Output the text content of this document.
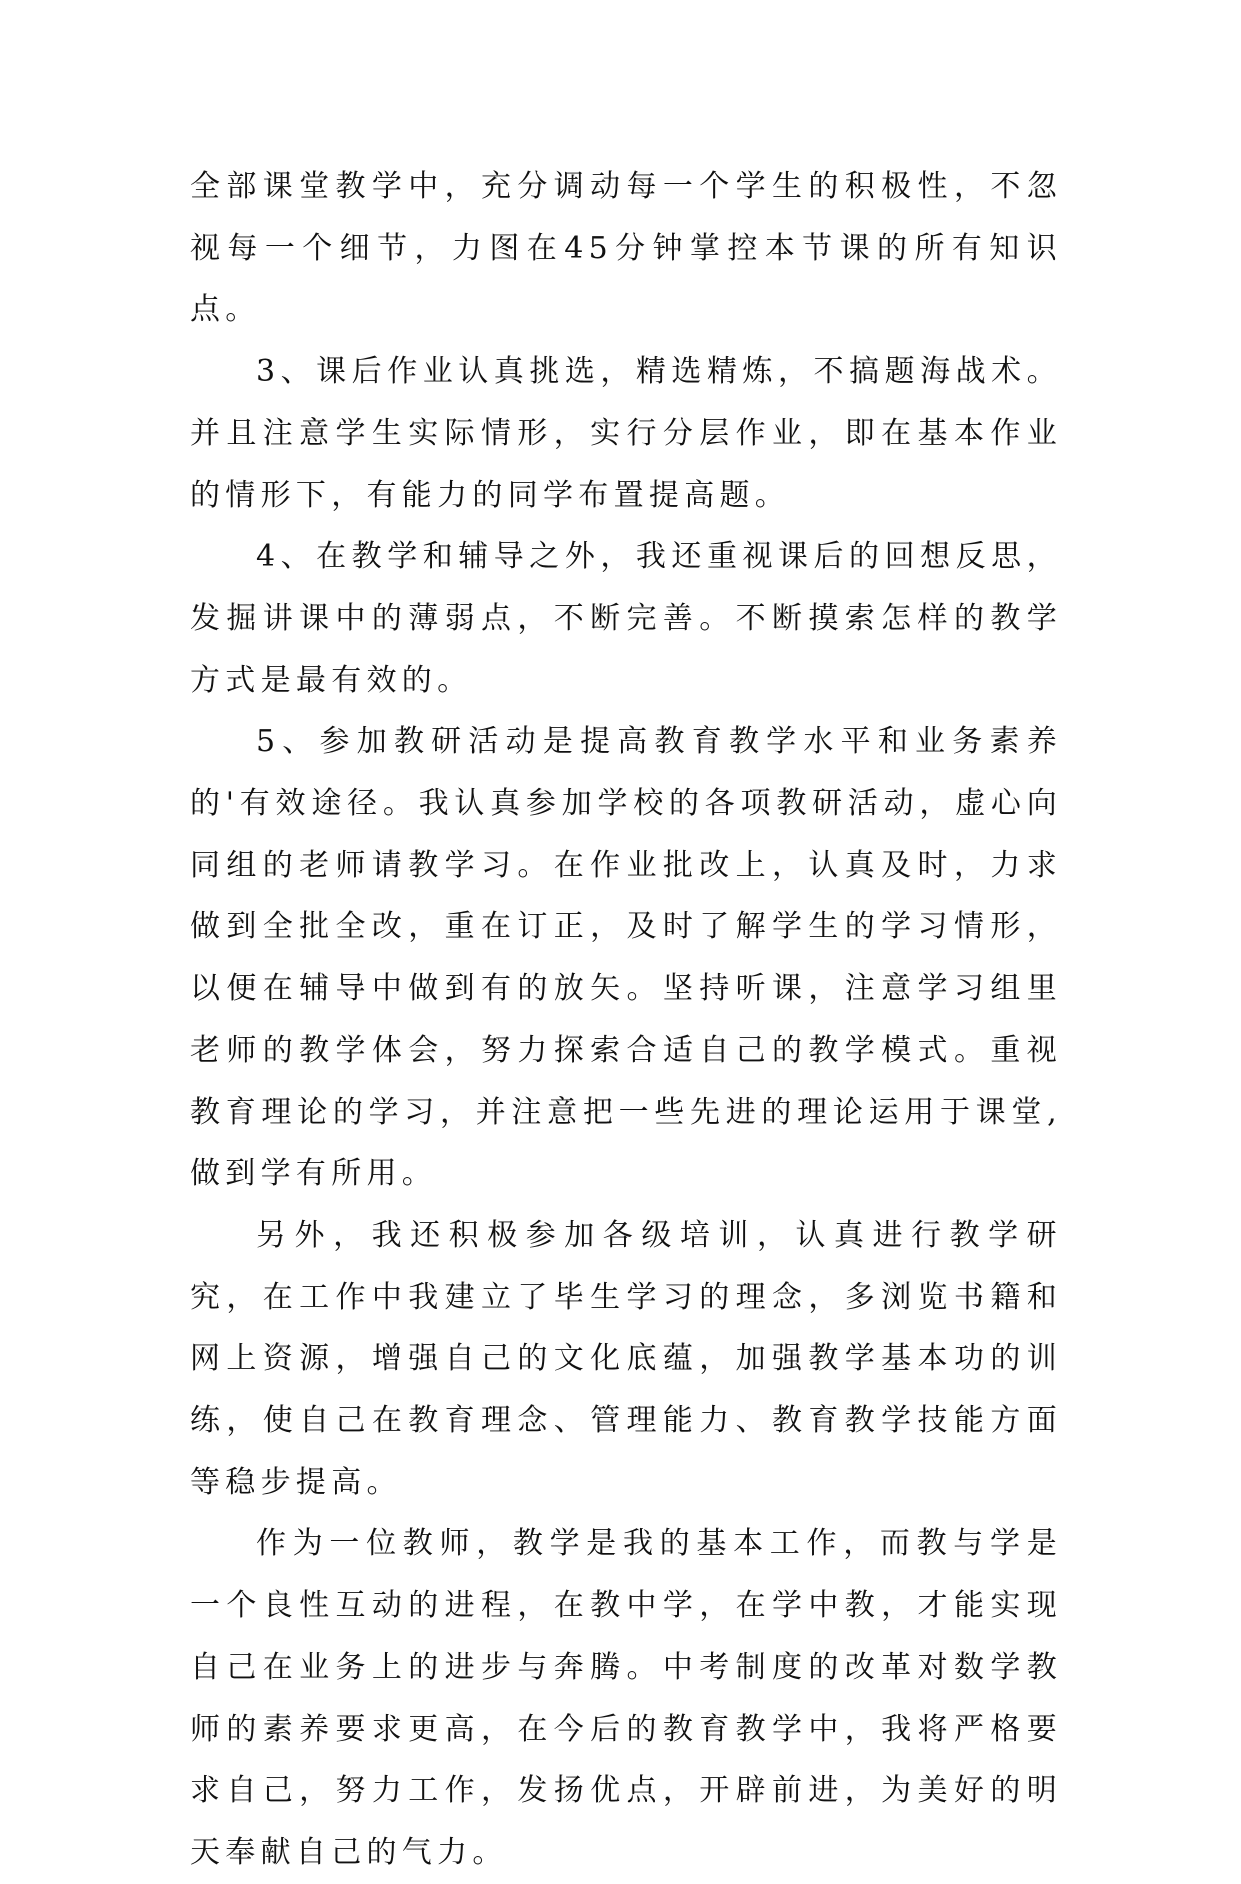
全部课堂教学中，充分调动每一个学生的积极性，不忽视每一个细节，力图在45分钟掌控本节课的所有知识点。

3、课后作业认真挑选，精选精炼，不搞题海战术。并且注意学生实际情形，实行分层作业，即在基本作业的情形下，有能力的同学布置提高题。

4、在教学和辅导之外，我还重视课后的回想反思，发掘讲课中的薄弱点，不断完善。不断摸索怎样的教学方式是最有效的。

5、参加教研活动是提高教育教学水平和业务素养的'有效途径。我认真参加学校的各项教研活动，虚心向同组的老师请教学习。在作业批改上，认真及时，力求做到全批全改，重在订正，及时了解学生的学习情形，以便在辅导中做到有的放矢。坚持听课，注意学习组里老师的教学体会，努力探索合适自己的教学模式。重视教育理论的学习，并注意把一些先进的理论运用于课堂,做到学有所用。

另外，我还积极参加各级培训，认真进行教学研究，在工作中我建立了毕生学习的理念，多浏览书籍和网上资源，增强自己的文化底蕴，加强教学基本功的训练，使自己在教育理念、管理能力、教育教学技能方面等稳步提高。

作为一位教师，教学是我的基本工作，而教与学是一个良性互动的进程，在教中学，在学中教，才能实现自己在业务上的进步与奔腾。中考制度的改革对数学教师的素养要求更高，在今后的教育教学中，我将严格要求自己，努力工作，发扬优点，开辟前进，为美好的明天奉献自己的气力。
